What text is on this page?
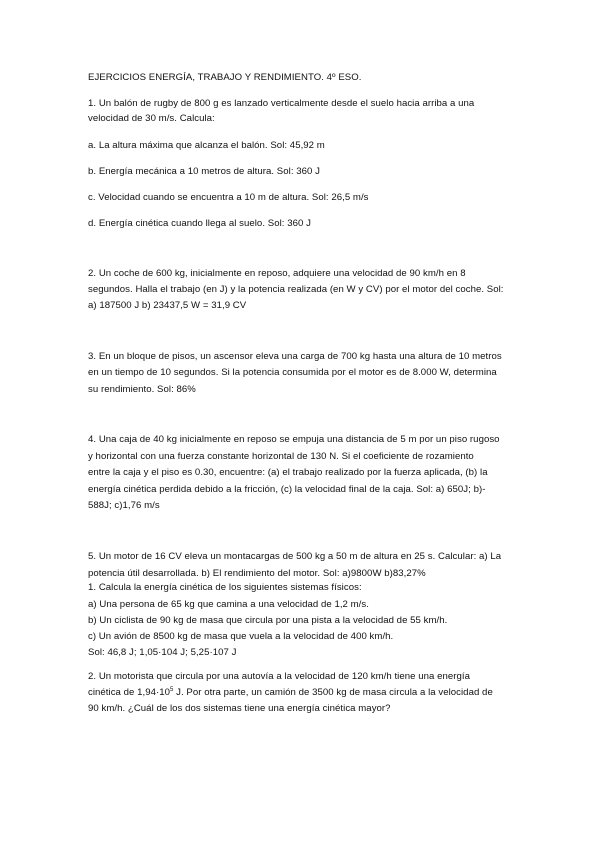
EJERCICIOS ENERGÍA, TRABAJO Y RENDIMIENTO. 4º ESO.
1. Un balón de rugby de 800 g es lanzado verticalmente desde el suelo hacia arriba a una
velocidad de 30 m/s. Calcula:
a. La altura máxima que alcanza el balón. Sol: 45,92 m
b. Energía mecánica a 10 metros de altura. Sol: 360 J
c. Velocidad cuando se encuentra a 10 m de altura. Sol: 26,5 m/s
d. Energía cinética cuando llega al suelo. Sol: 360 J
2. Un coche de 600 kg, inicialmente en reposo, adquiere una velocidad de 90 km/h en 8
segundos. Halla el trabajo (en J) y la potencia realizada (en W y CV) por el motor del coche. Sol:
a) 187500 J b) 23437,5 W = 31,9 CV
3. En un bloque de pisos, un ascensor eleva una carga de 700 kg hasta una altura de 10 metros
en un tiempo de 10 segundos. Si la potencia consumida por el motor es de 8.000 W, determina
su rendimiento. Sol: 86%
4. Una caja de 40 kg inicialmente en reposo se empuja una distancia de 5 m por un piso rugoso
y horizontal con una fuerza constante horizontal de 130 N. Si el coeficiente de rozamiento
entre la caja y el piso es 0.30, encuentre: (a) el trabajo realizado por la fuerza aplicada, (b) la
energía cinética perdida debido a la fricción, (c) la velocidad final de la caja. Sol: a) 650J; b)-
588J; c)1,76 m/s
5. Un motor de 16 CV eleva un montacargas de 500 kg a 50 m de altura en 25 s. Calcular: a) La
potencia útil desarrollada. b) El rendimiento del motor. Sol: a)9800W b)83,27%
1. Calcula la energía cinética de los siguientes sistemas físicos:
a) Una persona de 65 kg que camina a una velocidad de 1,2 m/s.
b) Un ciclista de 90 kg de masa que circula por una pista a la velocidad de 55 km/h.
c) Un avión de 8500 kg de masa que vuela a la velocidad de 400 km/h.
Sol: 46,8 J; 1,05·104 J; 5,25·107 J
2. Un motorista que circula por una autovía a la velocidad de 120 km/h tiene una energía
cinética de $1,94\cdot 10^5$ J. Por otra parte, un camión de 3500 kg de masa circula a la velocidad de
90 km/h. ¿Cuál de los dos sistemas tiene una energía cinética mayor?
